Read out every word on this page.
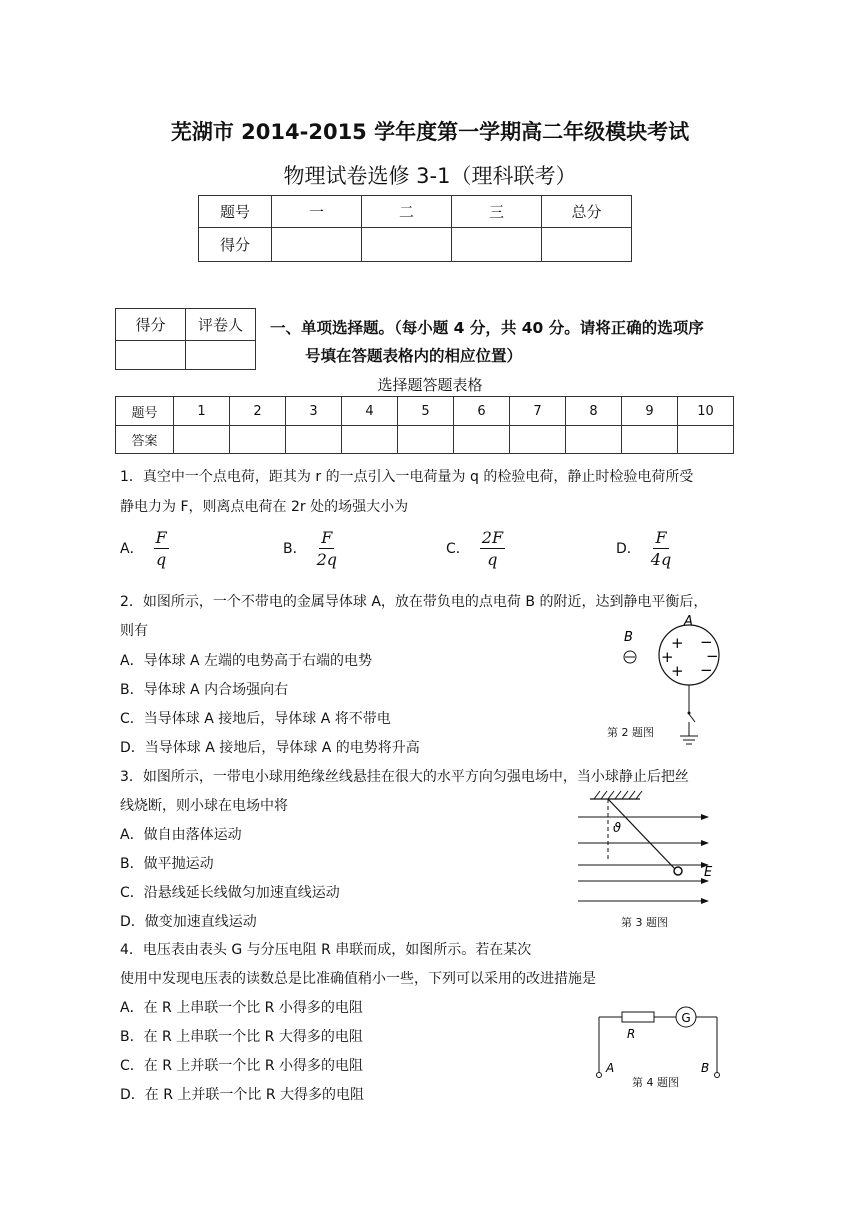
芜湖市 2014-2015 学年度第一学期高二年级模块考试
物理试卷选修 3-1（理科联考）
题号	一	二	三	总分
得分				
得分	评卷人
	一、单项选择题。（每小题 4 分，共 40 分。请将正确的选项序
号填在答题表格内的相应位置）
选择题答题表格
题号	1	2	3	4	5	6	7	8	9	10
答案										
1．真空中一个点电荷，距其为 r 的一点引入一电荷量为 q 的检验电荷，静止时检验电荷所受
静电力为 F，则离点电荷在 2r 处的场强大小为
A． $\frac{F}{q}$	B． $\frac{F}{2q}$	C． $\frac{2F}{q}$	D． $\frac{F}{4q}$
2．如图所示，一个不带电的金属导体球 A，放在带负电的点电荷 B 的附近，达到静电平衡后，
则有
A．导体球 A 左端的电势高于右端的电势
B．导体球 A 内合场强向右
C．当导体球 A 接地后，导体球 A 将不带电
D．当导体球 A 接地后，导体球 A 的电势将升高
A
B	+
+
+
−
−
−
第 2 题图
3．如图所示，一带电小球用绝缘丝线悬挂在很大的水平方向匀强电场中，当小球静止后把丝
线烧断，则小球在电场中将
A．做自由落体运动
B．做平抛运动
C．沿悬线延长线做匀加速直线运动
D．做变加速直线运动
ϑ
E
第 3 题图
4．电压表由表头 G 与分压电阻 R 串联而成，如图所示。若在某次
使用中发现电压表的读数总是比准确值稍小一些，下列可以采用的改进措施是
A．在 R 上串联一个比 R 小得多的电阻
B．在 R 上串联一个比 R 大得多的电阻
C．在 R 上并联一个比 R 小得多的电阻
D．在 R 上并联一个比 R 大得多的电阻
G
R
A	B
第 4 题图
